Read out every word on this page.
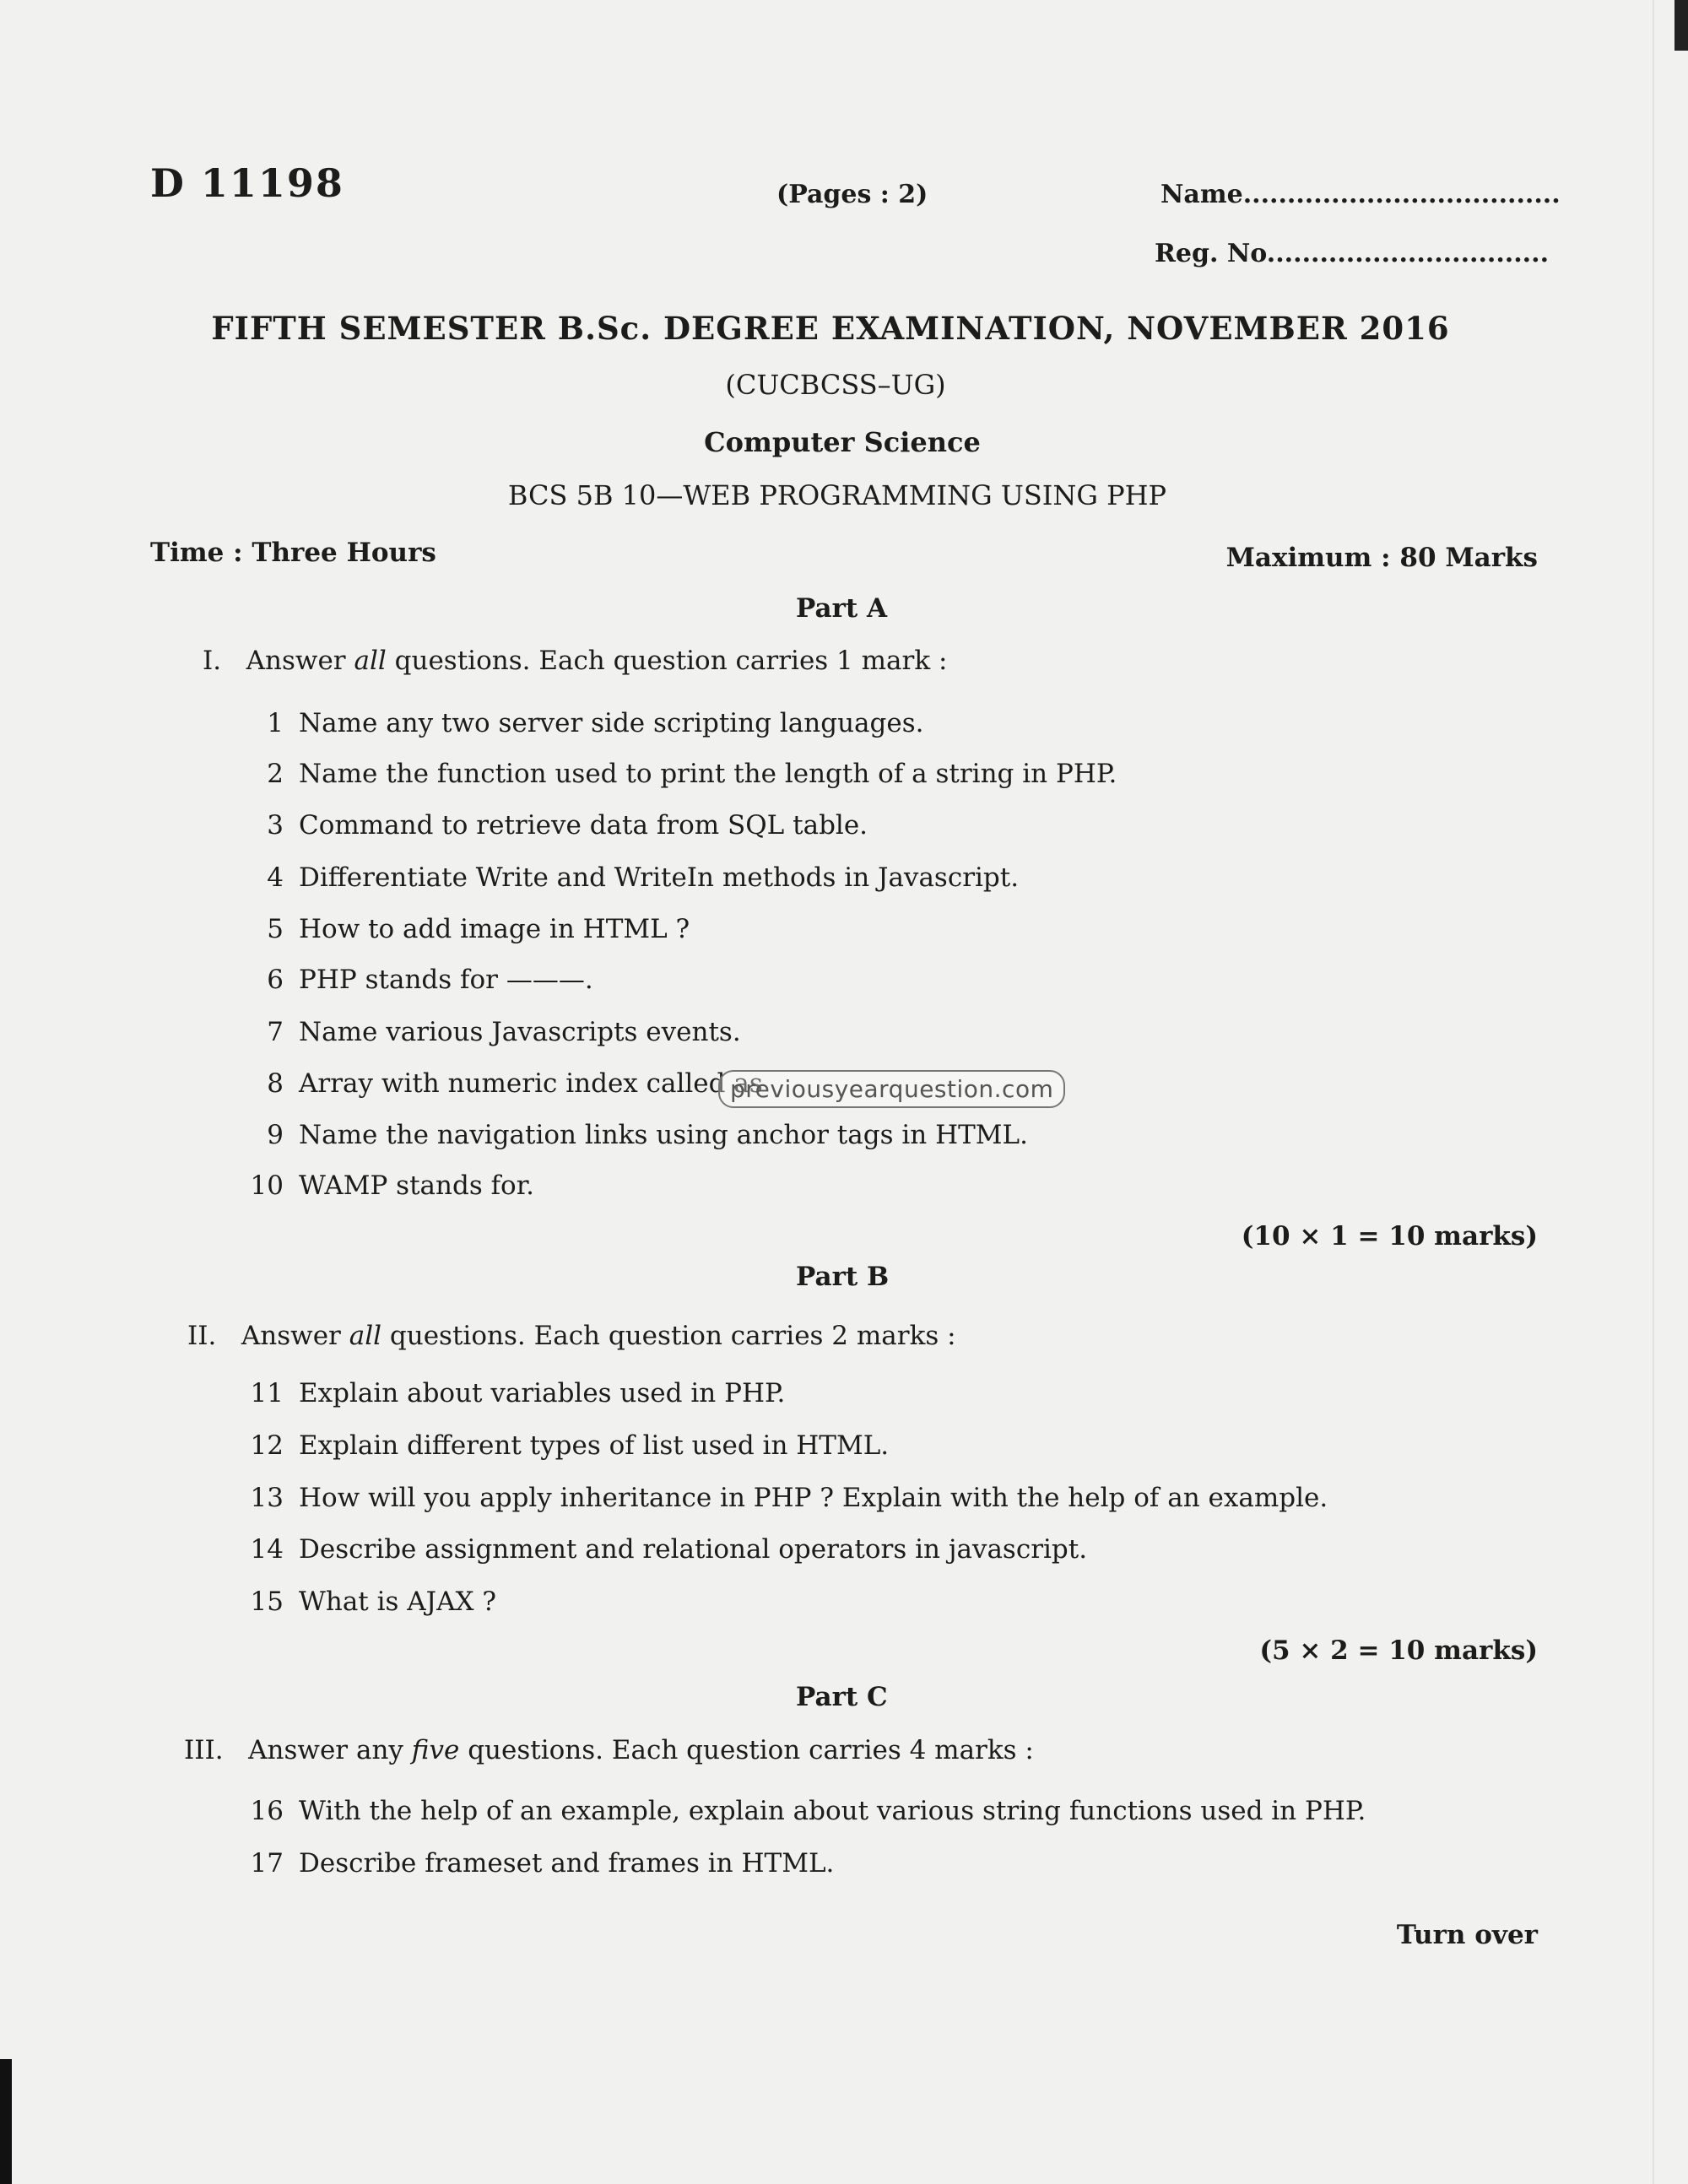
D 11198	(Pages : 2)	Name....................................
Reg. No................................
FIFTH SEMESTER B.Sc. DEGREE EXAMINATION, NOVEMBER 2016
(CUCBCSS–UG)
Computer Science
BCS 5B 10—WEB PROGRAMMING USING PHP
Time : Three Hours	Maximum : 80 Marks
Part A
I.   Answer all questions. Each question carries 1 mark :
1 Name any two server side scripting languages.
2 Name the function used to print the length of a string in PHP.
3 Command to retrieve data from SQL table.
4 Differentiate Write and WriteIn methods in Javascript.
5 How to add image in HTML ?
6 PHP stands for ———.
7 Name various Javascripts events.
8 Array with numeric index called as
9 Name the navigation links using anchor tags in HTML.
10 WAMP stands for.
previousyearquestion.com
(10 × 1 = 10 marks)
Part B
II.   Answer all questions. Each question carries 2 marks :
11 Explain about variables used in PHP.
12 Explain different types of list used in HTML.
13 How will you apply inheritance in PHP ? Explain with the help of an example.
14 Describe assignment and relational operators in javascript.
15 What is AJAX ?
(5 × 2 = 10 marks)
Part C
III.   Answer any five questions. Each question carries 4 marks :
16 With the help of an example, explain about various string functions used in PHP.
17 Describe frameset and frames in HTML.
Turn over
